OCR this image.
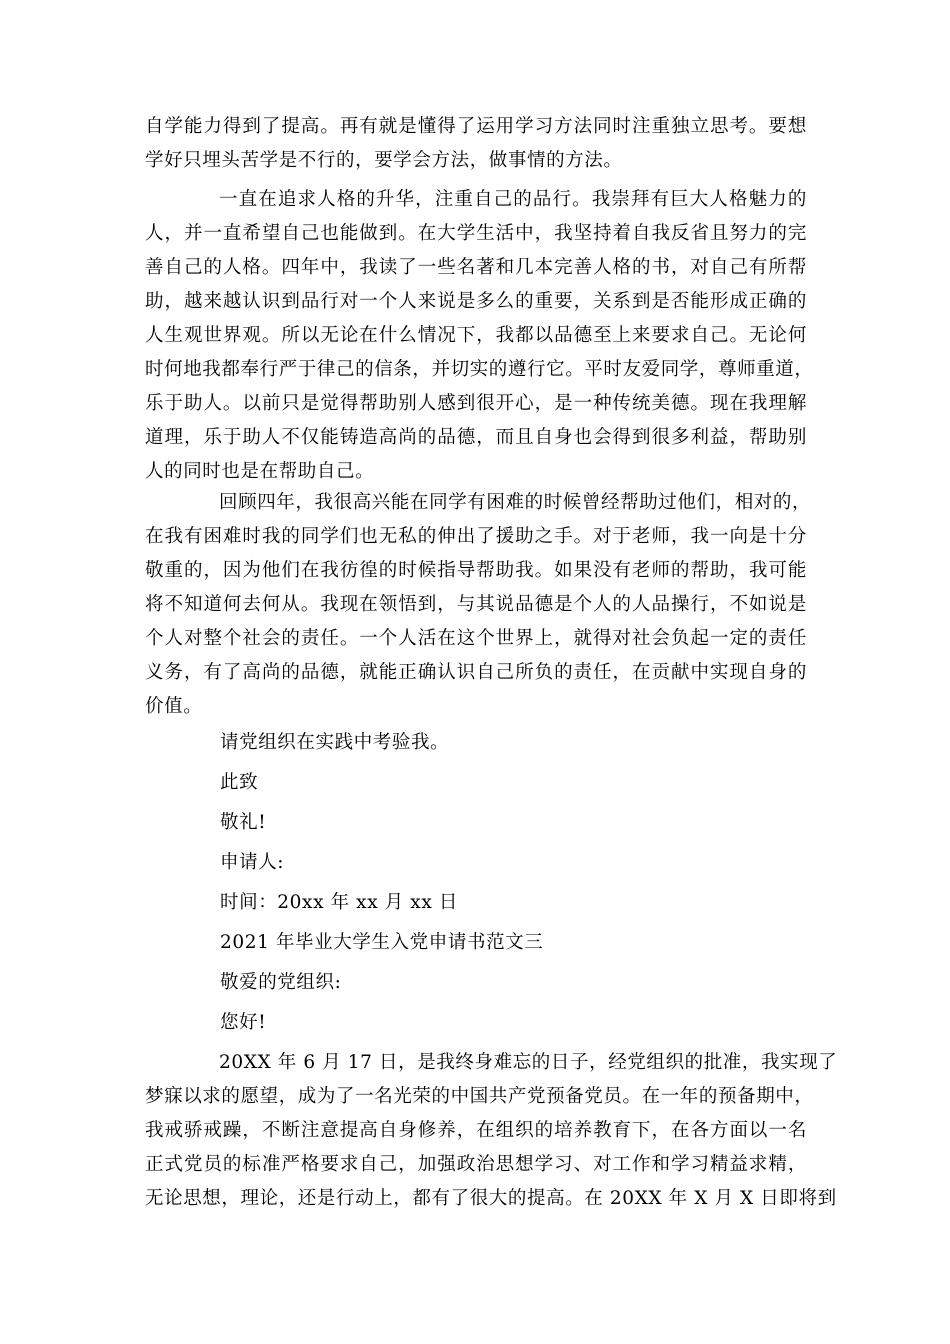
自学能力得到了提高。再有就是懂得了运用学习方法同时注重独立思考。要想
学好只埋头苦学是不行的，要学会方法，做事情的方法。
一直在追求人格的升华，注重自己的品行。我崇拜有巨大人格魅力的
人，并一直希望自己也能做到。在大学生活中，我坚持着自我反省且努力的完
善自己的人格。四年中，我读了一些名著和几本完善人格的书，对自己有所帮
助，越来越认识到品行对一个人来说是多么的重要，关系到是否能形成正确的
人生观世界观。所以无论在什么情况下，我都以品德至上来要求自己。无论何
时何地我都奉行严于律己的信条，并切实的遵行它。平时友爱同学，尊师重道，
乐于助人。以前只是觉得帮助别人感到很开心，是一种传统美德。现在我理解
道理，乐于助人不仅能铸造高尚的品德，而且自身也会得到很多利益，帮助别
人的同时也是在帮助自己。
回顾四年，我很高兴能在同学有困难的时候曾经帮助过他们，相对的，
在我有困难时我的同学们也无私的伸出了援助之手。对于老师，我一向是十分
敬重的，因为他们在我彷徨的时候指导帮助我。如果没有老师的帮助，我可能
将不知道何去何从。我现在领悟到，与其说品德是个人的人品操行，不如说是
个人对整个社会的责任。一个人活在这个世界上，就得对社会负起一定的责任
义务，有了高尚的品德，就能正确认识自己所负的责任，在贡献中实现自身的
价值。

请党组织在实践中考验我。

此致

敬礼!

申请人:

时间：20xx 年 xx 月 xx 日

2021 年毕业大学生入党申请书范文三

敬爱的党组织:

您好!

20XX 年 6 月 17 日，是我终身难忘的日子，经党组织的批准，我实现了
梦寐以求的愿望，成为了一名光荣的中国共产党预备党员。在一年的预备期中，
我戒骄戒躁，不断注意提高自身修养，在组织的培养教育下，在各方面以一名
正式党员的标准严格要求自己，加强政治思想学习、对工作和学习精益求精，
无论思想，理论，还是行动上，都有了很大的提高。在 20XX 年 X 月 X 日即将到
